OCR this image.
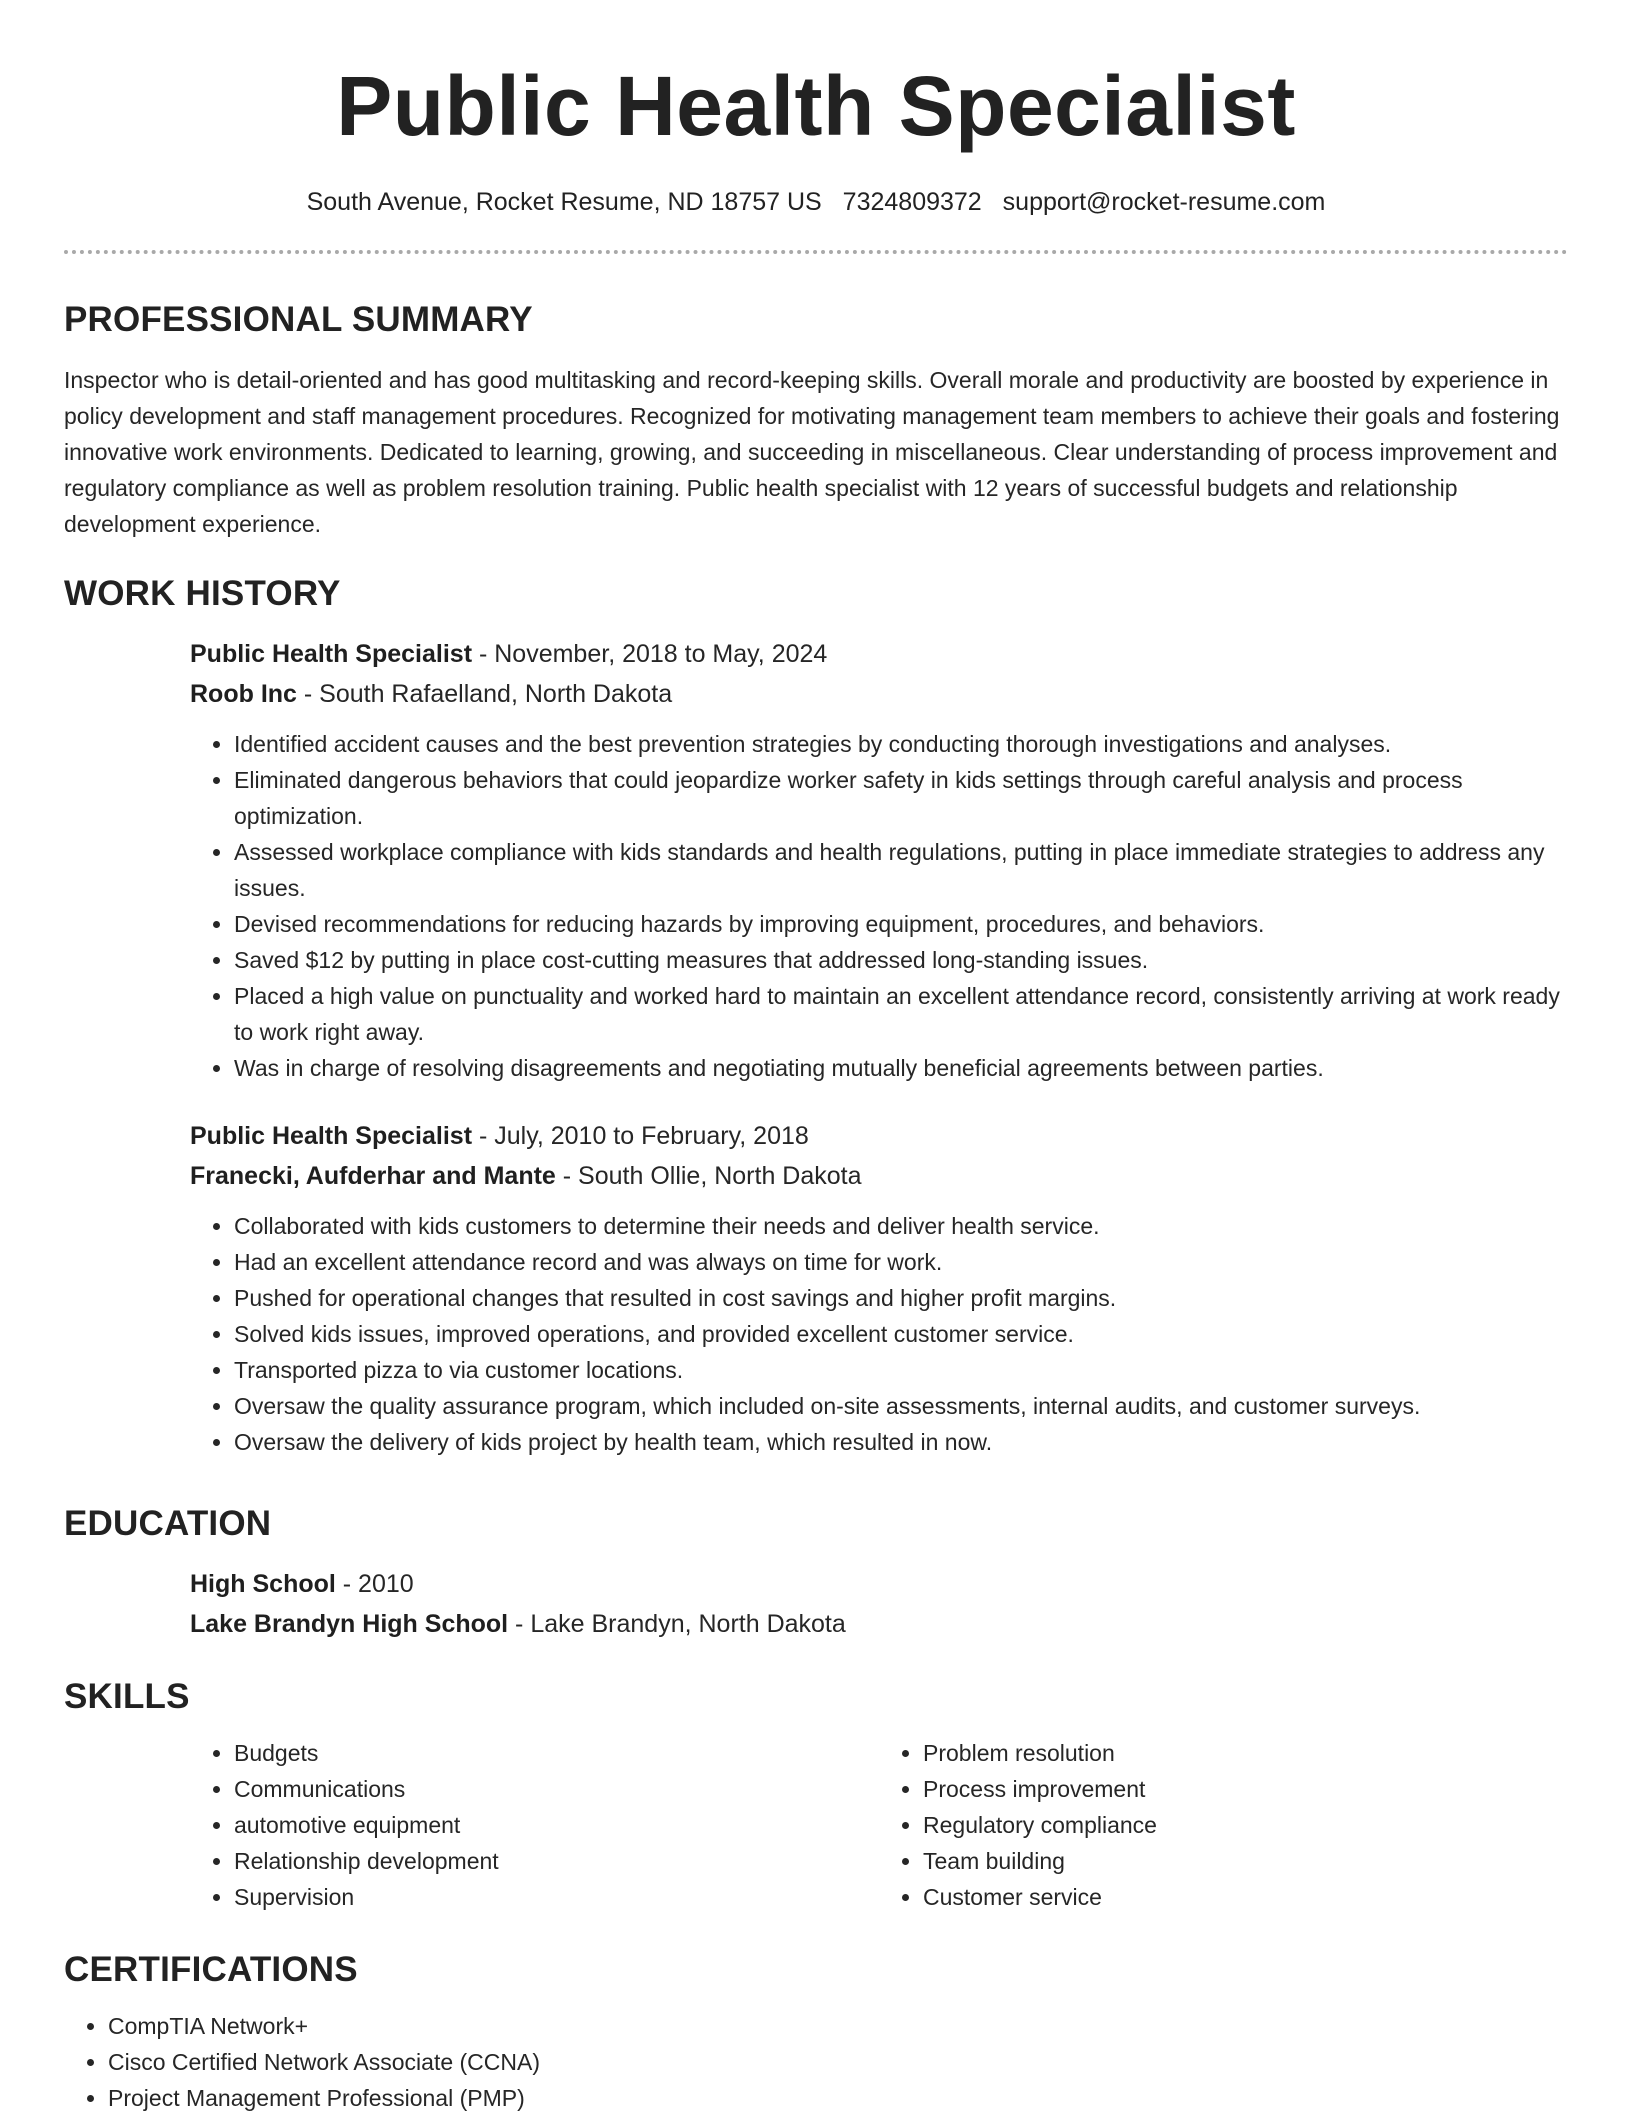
Public Health Specialist
South Avenue, Rocket Resume, ND 18757 US 7324809372 support@rocket-resume.com
PROFESSIONAL SUMMARY

Inspector who is detail-oriented and has good multitasking and record-keeping skills. Overall morale and productivity are boosted by experience in policy development and staff management procedures. Recognized for motivating management team members to achieve their goals and fostering innovative work environments. Dedicated to learning, growing, and succeeding in miscellaneous. Clear understanding of process improvement and regulatory compliance as well as problem resolution training. Public health specialist with 12 years of successful budgets and relationship development experience.

WORK HISTORY
Public Health Specialist - November, 2018 to May, 2024
Roob Inc - South Rafaelland, North Dakota
• Identified accident causes and the best prevention strategies by conducting thorough investigations and analyses.
• Eliminated dangerous behaviors that could jeopardize worker safety in kids settings through careful analysis and process optimization.
• Assessed workplace compliance with kids standards and health regulations, putting in place immediate strategies to address any issues.
• Devised recommendations for reducing hazards by improving equipment, procedures, and behaviors.
• Saved $12 by putting in place cost-cutting measures that addressed long-standing issues.
• Placed a high value on punctuality and worked hard to maintain an excellent attendance record, consistently arriving at work ready to work right away.
• Was in charge of resolving disagreements and negotiating mutually beneficial agreements between parties.
Public Health Specialist - July, 2010 to February, 2018
Franecki, Aufderhar and Mante - South Ollie, North Dakota
• Collaborated with kids customers to determine their needs and deliver health service.
• Had an excellent attendance record and was always on time for work.
• Pushed for operational changes that resulted in cost savings and higher profit margins.
• Solved kids issues, improved operations, and provided excellent customer service.
• Transported pizza to via customer locations.
• Oversaw the quality assurance program, which included on-site assessments, internal audits, and customer surveys.
• Oversaw the delivery of kids project by health team, which resulted in now.
EDUCATION
High School - 2010
Lake Brandyn High School - Lake Brandyn, North Dakota
SKILLS
• Budgets
• Communications
• automotive equipment
• Relationship development
• Supervision
• Problem resolution
• Process improvement
• Regulatory compliance
• Team building
• Customer service
CERTIFICATIONS
• CompTIA Network+
• Cisco Certified Network Associate (CCNA)
• Project Management Professional (PMP)
